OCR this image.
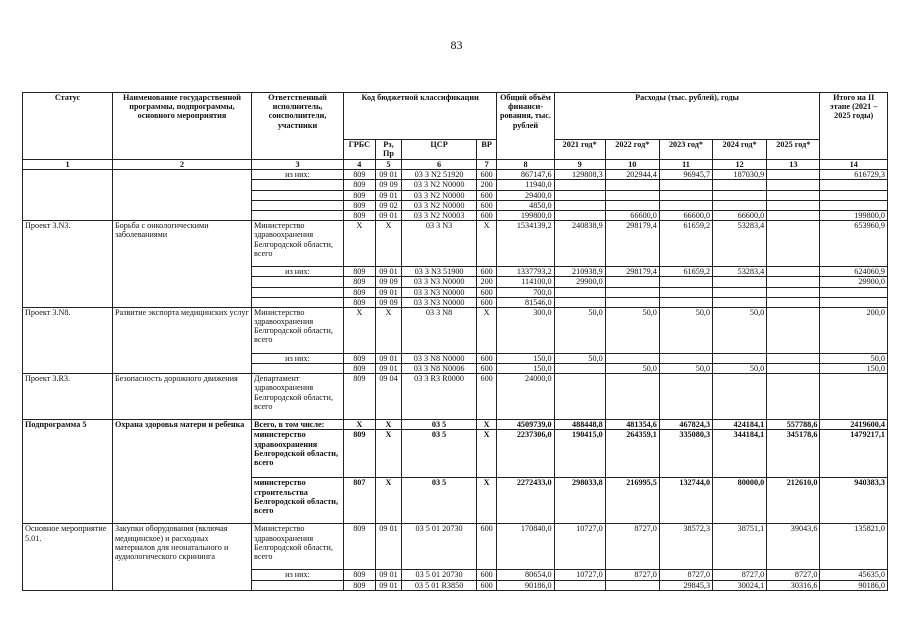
83
Статус	Наименование государственной программы, подпрограммы, основного мероприятия	Ответственный исполнитель, соисполнители, участники	Код бюджетной классификации				Общий объём финанси-рования, тыс. рублей	Расходы (тыс. рублей), годы					Итого на II этапе (2021 – 2025 годы)
			ГРБС	Рз, Пр	ЦСР	ВР		2021 год*	2022 год*	2023 год*	2024 год*	2025 год*	
1	2	3	4	5	6	7	8	9	10	11	12	13	14
		из них:	809	09 01	03 3 N2 51920	600	867147,6	129808,3	202944,4	96945,7	187030,9		616729,3
			809	09 09	03 3 N2 N0000	200	11940,0						
			809	09 01	03 3 N2 N0000	600	29400,0						
			809	09 02	03 3 N2 N0000	600	4850,0						
			809	09 01	03 3 N2 N0003	600	199800,0		66600,0	66600,0	66600,0		199800,0
Проект 3.N3.	Борьба с онкологическими заболеваниями	Министерство здравоохранения Белгородской области, всего	X	X	03 3 N3	X	1534139,2	240838,9	298179,4	61659,2	53283,4		653960,9
		из них:	809	09 01	03 3 N3 51900	600	1337793,2	210938,9	298179,4	61659,2	53283,4		624060,9
			809	09 09	03 3 N3 N0000	200	114100,0	29900,0					29900,0
			809	09 01	03 3 N3 N0000	600	700,0						
			809	09 09	03 3 N3 N0000	600	81546,0						
Проект 3.N8.	Развитие экспорта медицинских услуг	Министерство здравоохранения Белгородской области, всего	X	X	03 3 N8	X	300,0	50,0	50,0	50,0	50,0		200,0
		из них:	809	09 01	03 3 N8 N0000	600	150,0	50,0					50,0
			809	09 01	03 3 N8 N0006	600	150,0		50,0	50,0	50,0		150,0
Проект 3.R3.	Безопасность дорожного движения	Департамент здравоохранения Белгородской области, всего	809	09 04	03 3 R3 R0000	600	24000,0						
Подпрограмма 5	Охрана здоровья матери и ребенка	Всего, в том числе:	X	X	03 5	X	4509739,0	488448,8	481354,6	467824,3	424184,1	557788,6	2419600,4
		министерство здравоохранения Белгородской области, всего	809	X	03 5	X	2237306,0	190415,0	264359,1	335080,3	344184,1	345178,6	1479217,1
		министерство строительства Белгородской области, всего	807	X	03 5	X	2272433,0	298033,8	216995,5	132744,0	80000,0	212610,0	940383,3
Основное мероприятие 5.01.	Закупки оборудования (включая медицинское) и расходных материалов для неонатального и аудиологического скрининга	Министерство здравоохранения Белгородской области, всего	809	09 01	03 5 01 20730	600	170840,0	10727,0	8727,0	38572,3	38751,1	39043,6	135821,0
		из них:	809	09 01	03 5 01 20730	600	80654,0	10727,0	8727,0	8727,0	8727,0	8727,0	45635,0
			809	09 01	03 5 01 R3850	600	90186,0			29845,3	30024,1	30316,6	90186,0
